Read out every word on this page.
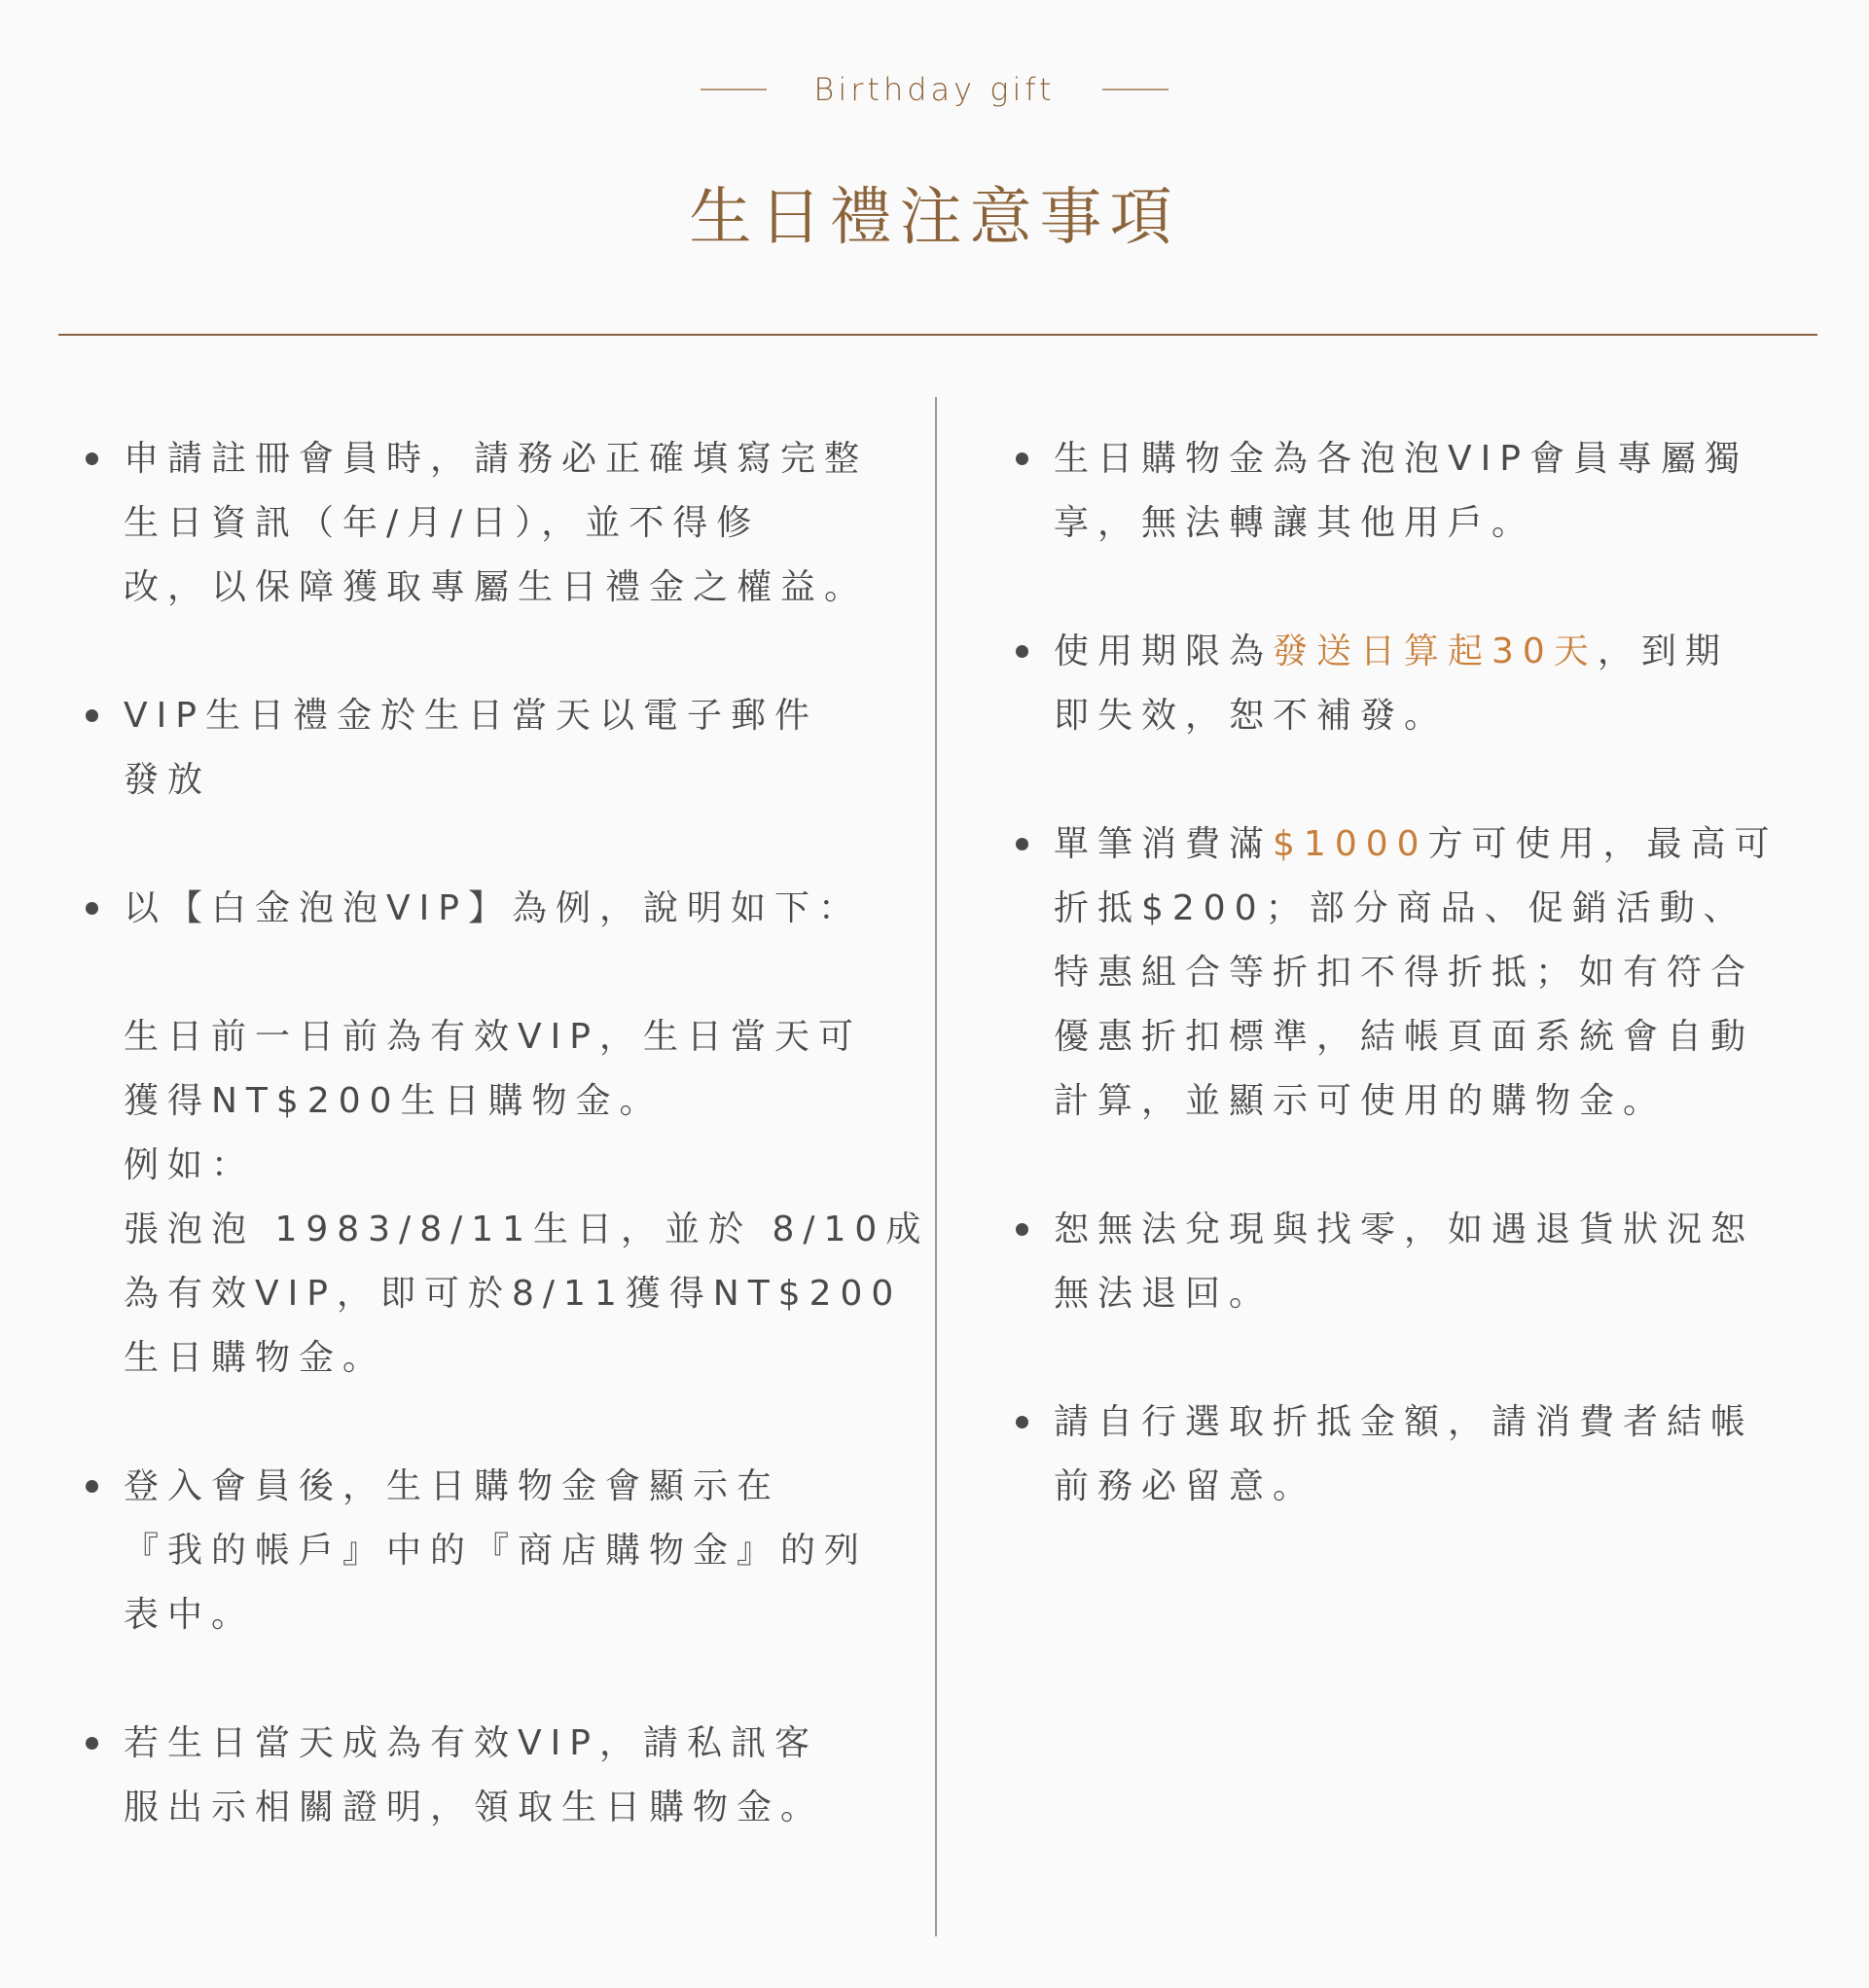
Birthday gift
生日禮注意事項
申請註冊會員時，請務必正確填寫完整
生日資訊（年/月/日），並不得修
改，以保障獲取專屬生日禮金之權益。
VIP生日禮金於生日當天以電子郵件
發放
以【白金泡泡VIP】為例，說明如下：
生日前一日前為有效VIP，生日當天可
獲得NT$200生日購物金。
例如：
張泡泡 1983/8/11生日，並於 8/10成
為有效VIP，即可於8/11獲得NT$200
生日購物金。
登入會員後，生日購物金會顯示在
『我的帳戶』中的『商店購物金』的列
表中。
若生日當天成為有效VIP，請私訊客
服出示相關證明，領取生日購物金。
生日購物金為各泡泡VIP會員專屬獨
享，無法轉讓其他用戶。
使用期限為發送日算起30天，到期
即失效，恕不補發。
單筆消費滿$1000方可使用，最高可
折抵$200；部分商品、促銷活動、
特惠組合等折扣不得折抵；如有符合
優惠折扣標準，結帳頁面系統會自動
計算，並顯示可使用的購物金。
恕無法兌現與找零，如遇退貨狀況恕
無法退回。
請自行選取折抵金額，請消費者結帳
前務必留意。
